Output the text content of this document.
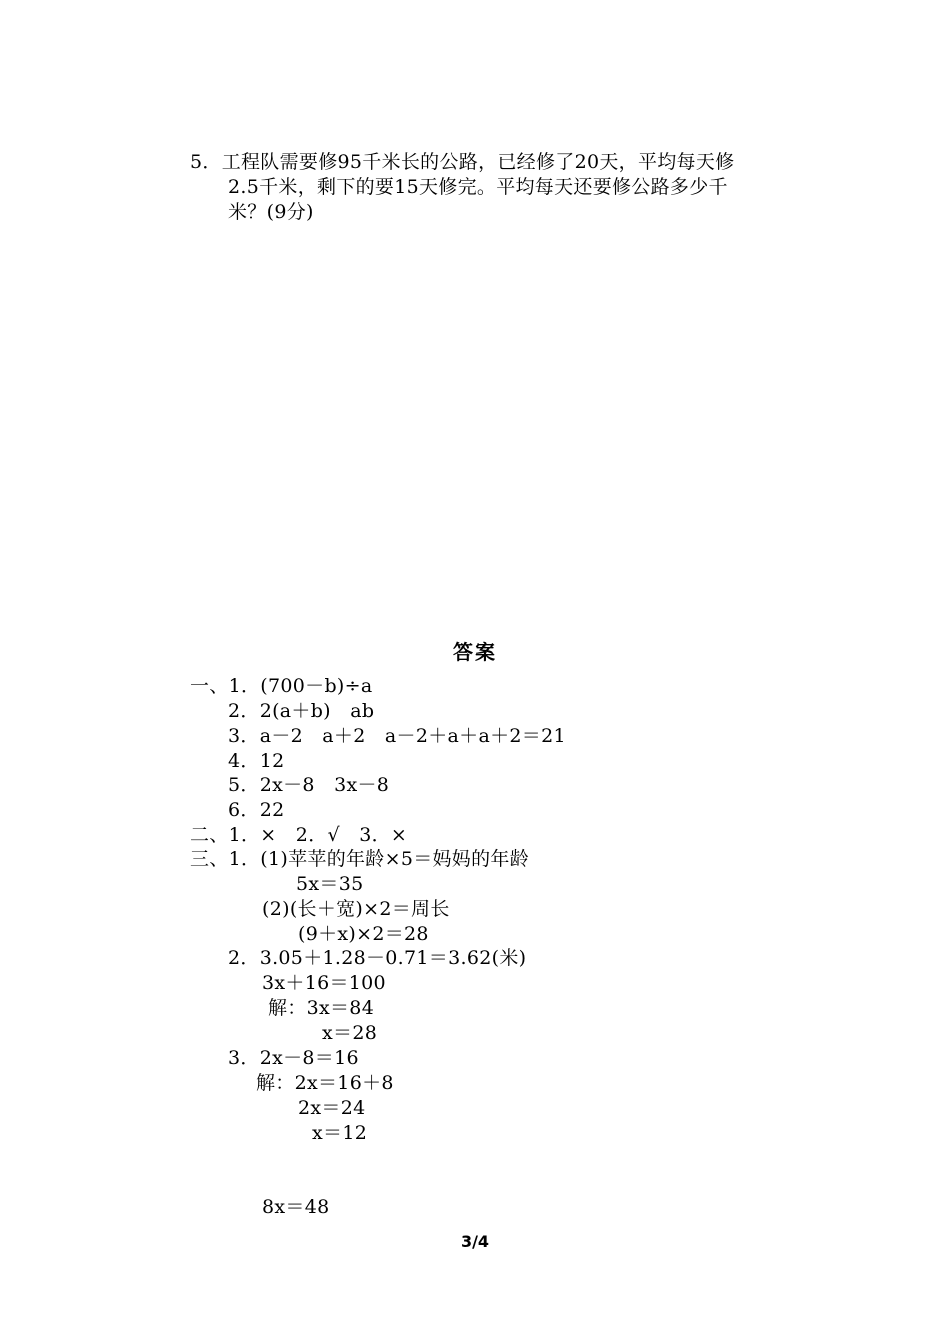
5．工程队需要修95千米长的公路，已经修了20天，平均每天修
2.5千米，剩下的要15天修完。平均每天还要修公路多少千
米？(9分)
答案
一、1．(700－b)÷a
2．2(a＋b)　ab
3．a－2　a＋2　a－2＋a＋a＋2＝21
4．12
5．2x－8　3x－8
6．22
二、1．×　2．√　3．×
三、1．(1)苹苹的年龄×5＝妈妈的年龄
5x＝35
(2)(长＋宽)×2＝周长
(9＋x)×2＝28
2．3.05＋1.28－0.71＝3.62(米)
3x＋16＝100
解：3x＝84
x＝28
3．2x－8＝16
解：2x＝16＋8
2x＝24
x＝12
8x＝48
3/4
